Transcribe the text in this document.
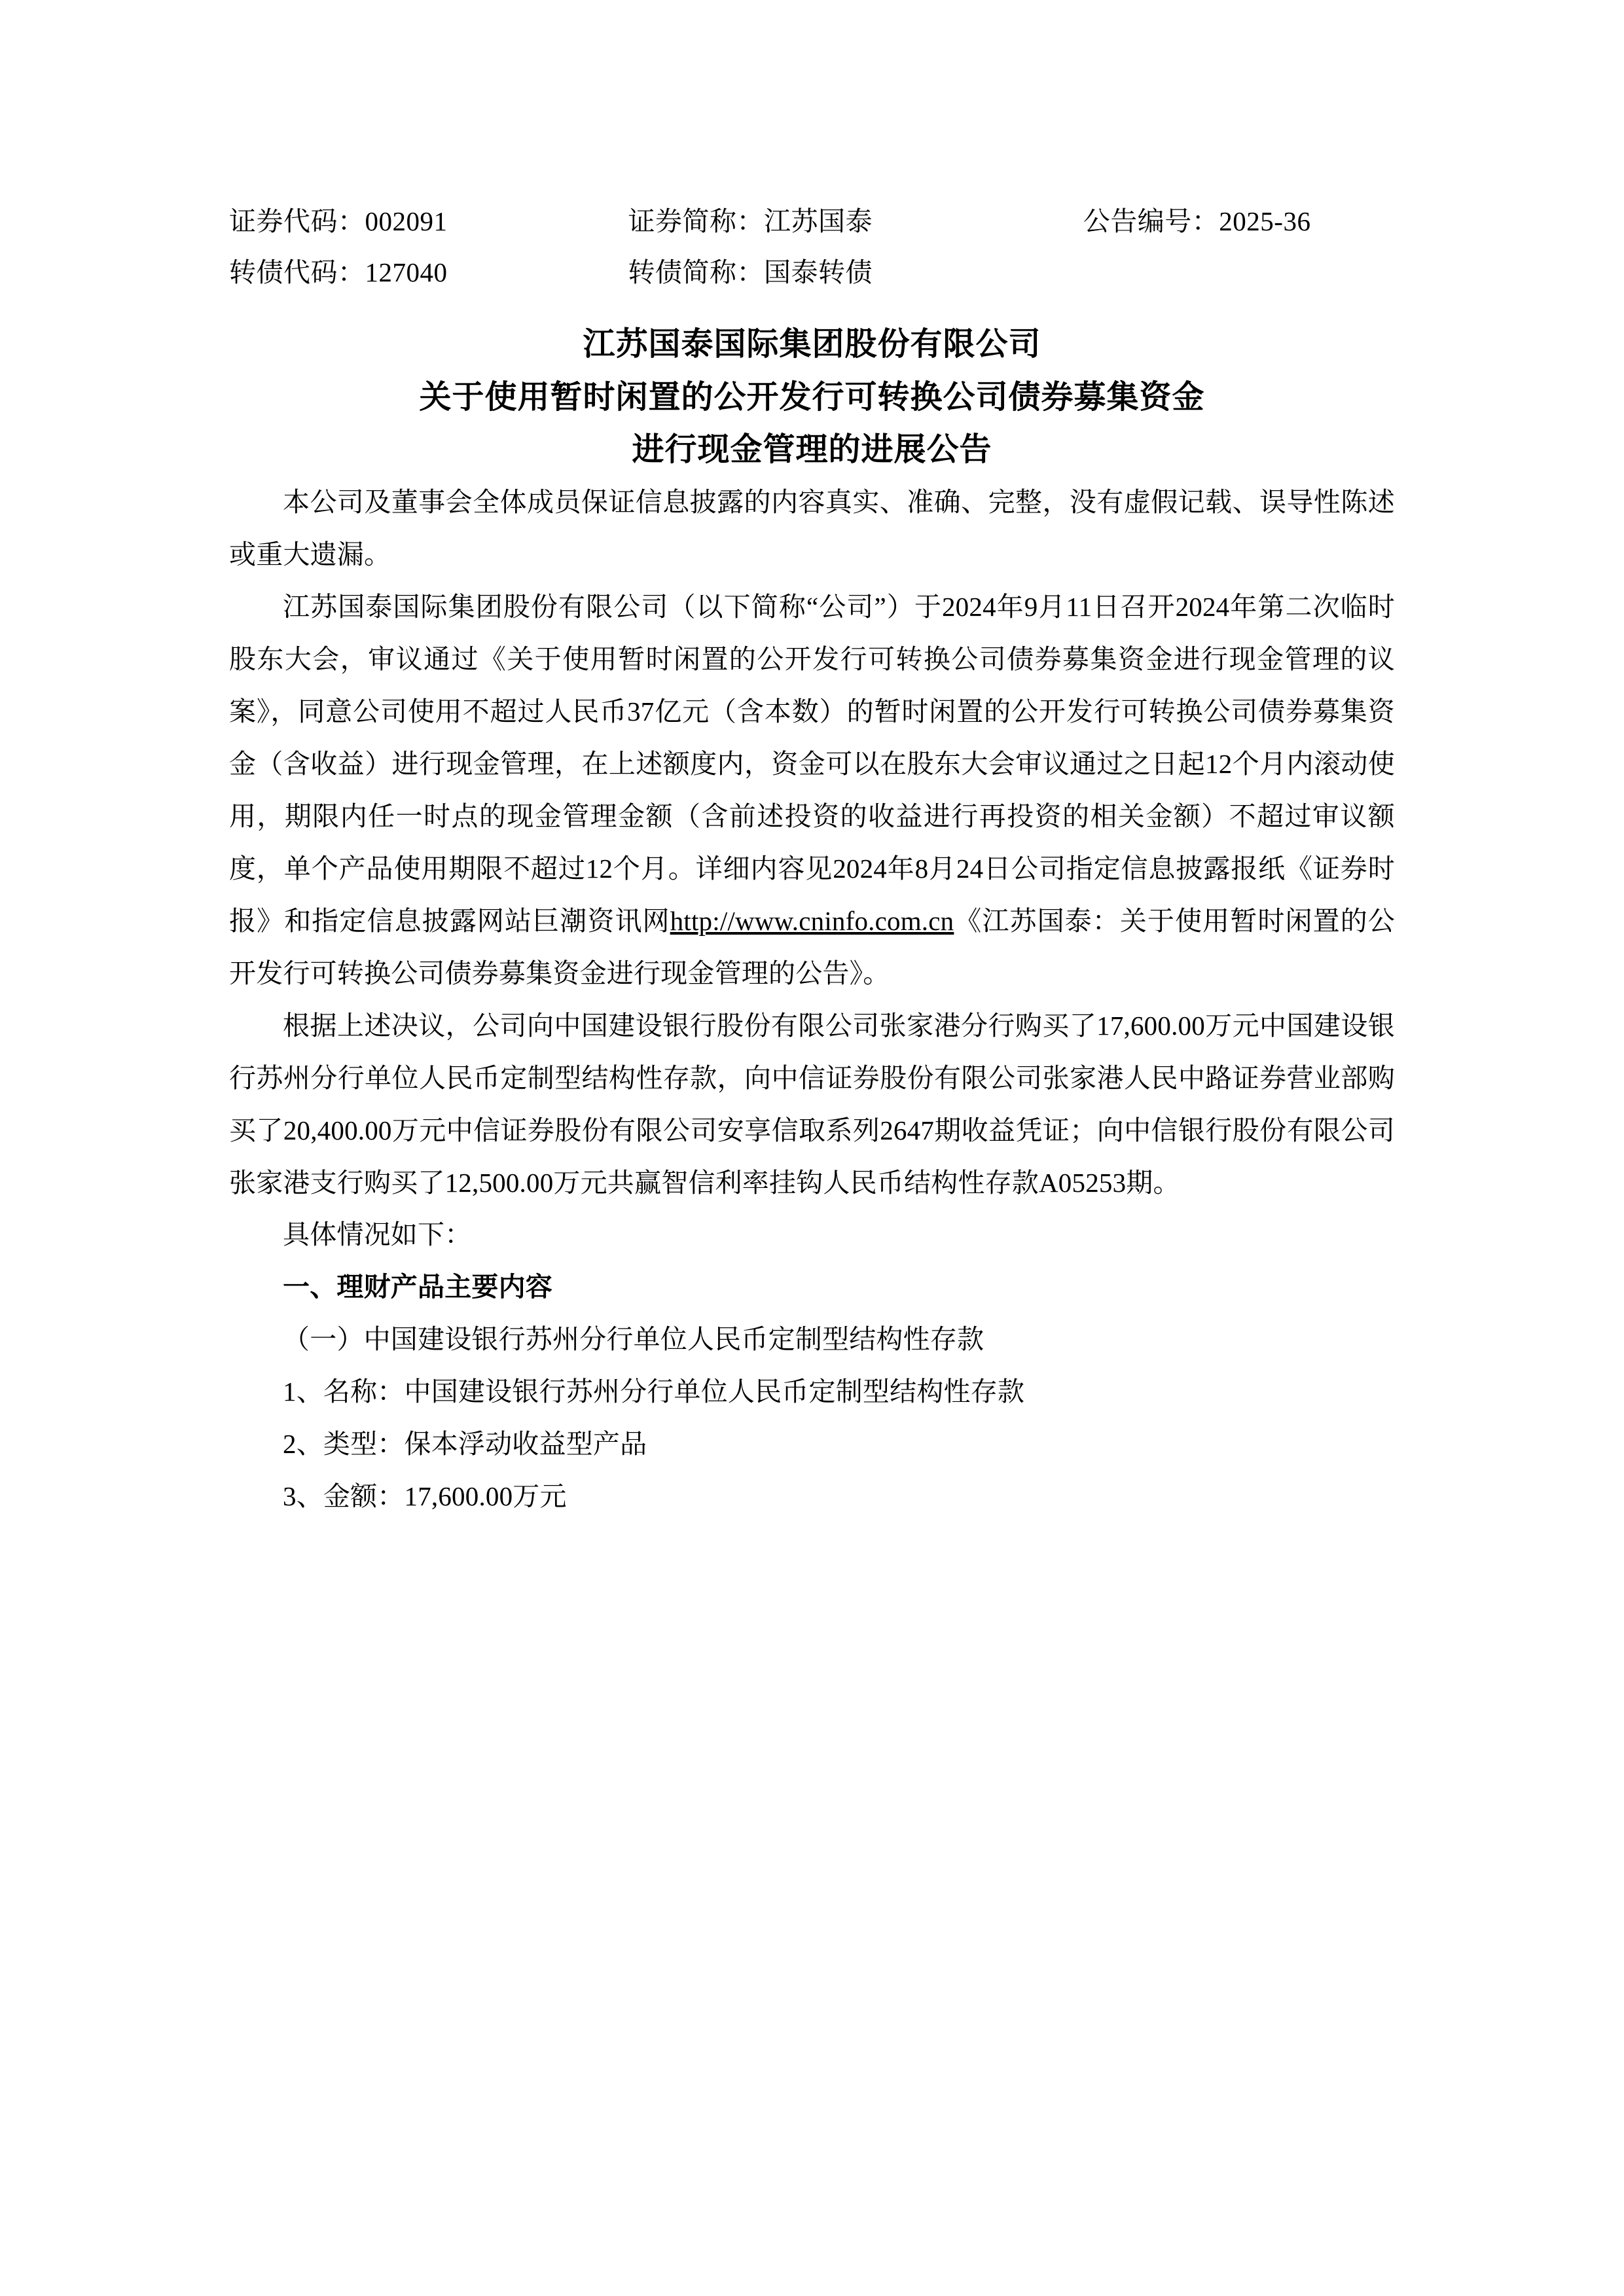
证券代码：002091	证券简称：江苏国泰	公告编号：2025-36
转债代码：127040	转债简称：国泰转债
江苏国泰国际集团股份有限公司
关于使用暂时闲置的公开发行可转换公司债券募集资金
进行现金管理的进展公告

本公司及董事会全体成员保证信息披露的内容真实、准确、完整，没有虚假记载、误导性陈述或重大遗漏。

江苏国泰国际集团股份有限公司（以下简称“公司”）于2024年9月11日召开2024年第二次临时股东大会，审议通过《关于使用暂时闲置的公开发行可转换公司债券募集资金进行现金管理的议案》，同意公司使用不超过人民币37亿元（含本数）的暂时闲置的公开发行可转换公司债券募集资金（含收益）进行现金管理，在上述额度内，资金可以在股东大会审议通过之日起12个月内滚动使用，期限内任一时点的现金管理金额（含前述投资的收益进行再投资的相关金额）不超过审议额度，单个产品使用期限不超过12个月。详细内容见2024年8月24日公司指定信息披露报纸《证券时报》和指定信息披露网站巨潮资讯网http://www.cninfo.com.cn《江苏国泰：关于使用暂时闲置的公开发行可转换公司债券募集资金进行现金管理的公告》。

根据上述决议，公司向中国建设银行股份有限公司张家港分行购买了17,600.00万元中国建设银行苏州分行单位人民币定制型结构性存款，向中信证券股份有限公司张家港人民中路证券营业部购买了20,400.00万元中信证券股份有限公司安享信取系列2647期收益凭证；向中信银行股份有限公司张家港支行购买了12,500.00万元共赢智信利率挂钩人民币结构性存款A05253期。

具体情况如下：

一、理财产品主要内容

（一）中国建设银行苏州分行单位人民币定制型结构性存款

1、名称：中国建设银行苏州分行单位人民币定制型结构性存款

2、类型：保本浮动收益型产品

3、金额：17,600.00万元
